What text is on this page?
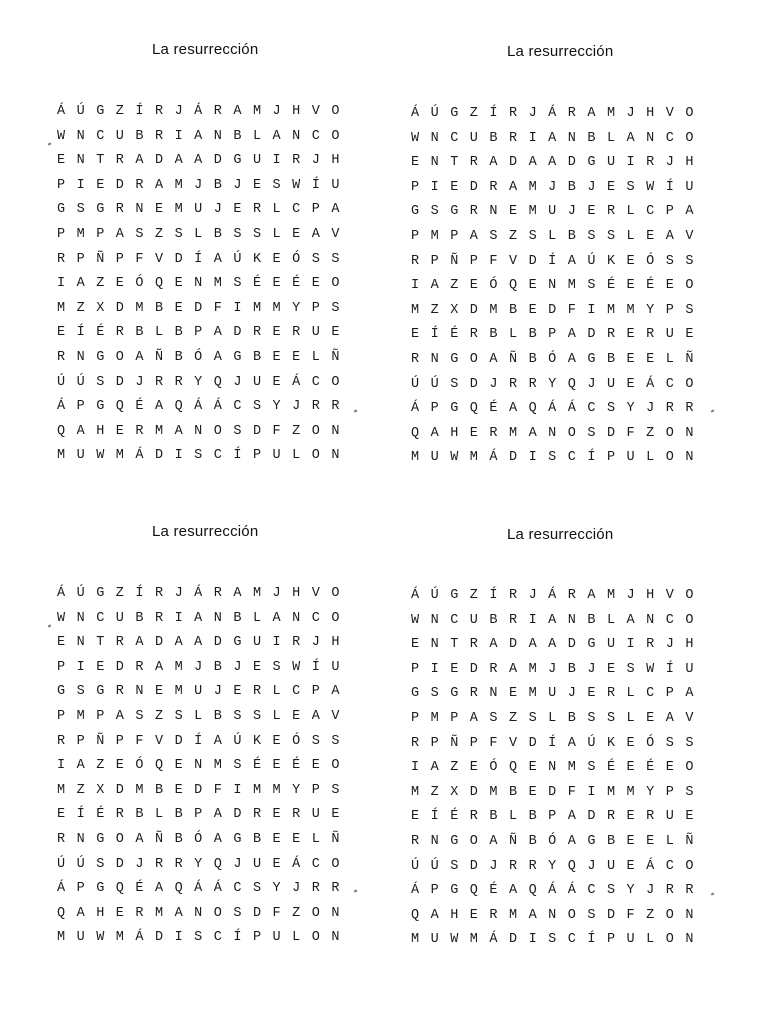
La resurrección
Á Ú G Z Í R J Á R A M J H V O
W N C U B R I A N B L A N C O
E N T R A D A A D G U I R J H
P I E D R A M J B J E S W Í U
G S G R N E M U J E R L C P A
P M P A S Z S L B S S L E A V
R P Ñ P F V D Í A Ú K E Ó S S
I A Z E Ó Q E N M S É E É E O
M Z X D M B E D F I M M Y P S
E Í É R B L B P A D R E R U E
R N G O A Ñ B Ó A G B E E L Ñ
Ú Ú S D J R R Y Q J U E Á C O
Á P G Q É A Q Á Á C S Y J R R
Q A H E R M A N O S D F Z O N
M U W M Á D I S C Í P U L O N
La resurrección
Á Ú G Z Í R J Á R A M J H V O
W N C U B R I A N B L A N C O
E N T R A D A A D G U I R J H
P I E D R A M J B J E S W Í U
G S G R N E M U J E R L C P A
P M P A S Z S L B S S L E A V
R P Ñ P F V D Í A Ú K E Ó S S
I A Z E Ó Q E N M S É E É E O
M Z X D M B E D F I M M Y P S
E Í É R B L B P A D R E R U E
R N G O A Ñ B Ó A G B E E L Ñ
Ú Ú S D J R R Y Q J U E Á C O
Á P G Q É A Q Á Á C S Y J R R
Q A H E R M A N O S D F Z O N
M U W M Á D I S C Í P U L O N
La resurrección
Á Ú G Z Í R J Á R A M J H V O
W N C U B R I A N B L A N C O
E N T R A D A A D G U I R J H
P I E D R A M J B J E S W Í U
G S G R N E M U J E R L C P A
P M P A S Z S L B S S L E A V
R P Ñ P F V D Í A Ú K E Ó S S
I A Z E Ó Q E N M S É E É E O
M Z X D M B E D F I M M Y P S
E Í É R B L B P A D R E R U E
R N G O A Ñ B Ó A G B E E L Ñ
Ú Ú S D J R R Y Q J U E Á C O
Á P G Q É A Q Á Á C S Y J R R
Q A H E R M A N O S D F Z O N
M U W M Á D I S C Í P U L O N
La resurrección
Á Ú G Z Í R J Á R A M J H V O
W N C U B R I A N B L A N C O
E N T R A D A A D G U I R J H
P I E D R A M J B J E S W Í U
G S G R N E M U J E R L C P A
P M P A S Z S L B S S L E A V
R P Ñ P F V D Í A Ú K E Ó S S
I A Z E Ó Q E N M S É E É E O
M Z X D M B E D F I M M Y P S
E Í É R B L B P A D R E R U E
R N G O A Ñ B Ó A G B E E L Ñ
Ú Ú S D J R R Y Q J U E Á C O
Á P G Q É A Q Á Á C S Y J R R
Q A H E R M A N O S D F Z O N
M U W M Á D I S C Í P U L O N
